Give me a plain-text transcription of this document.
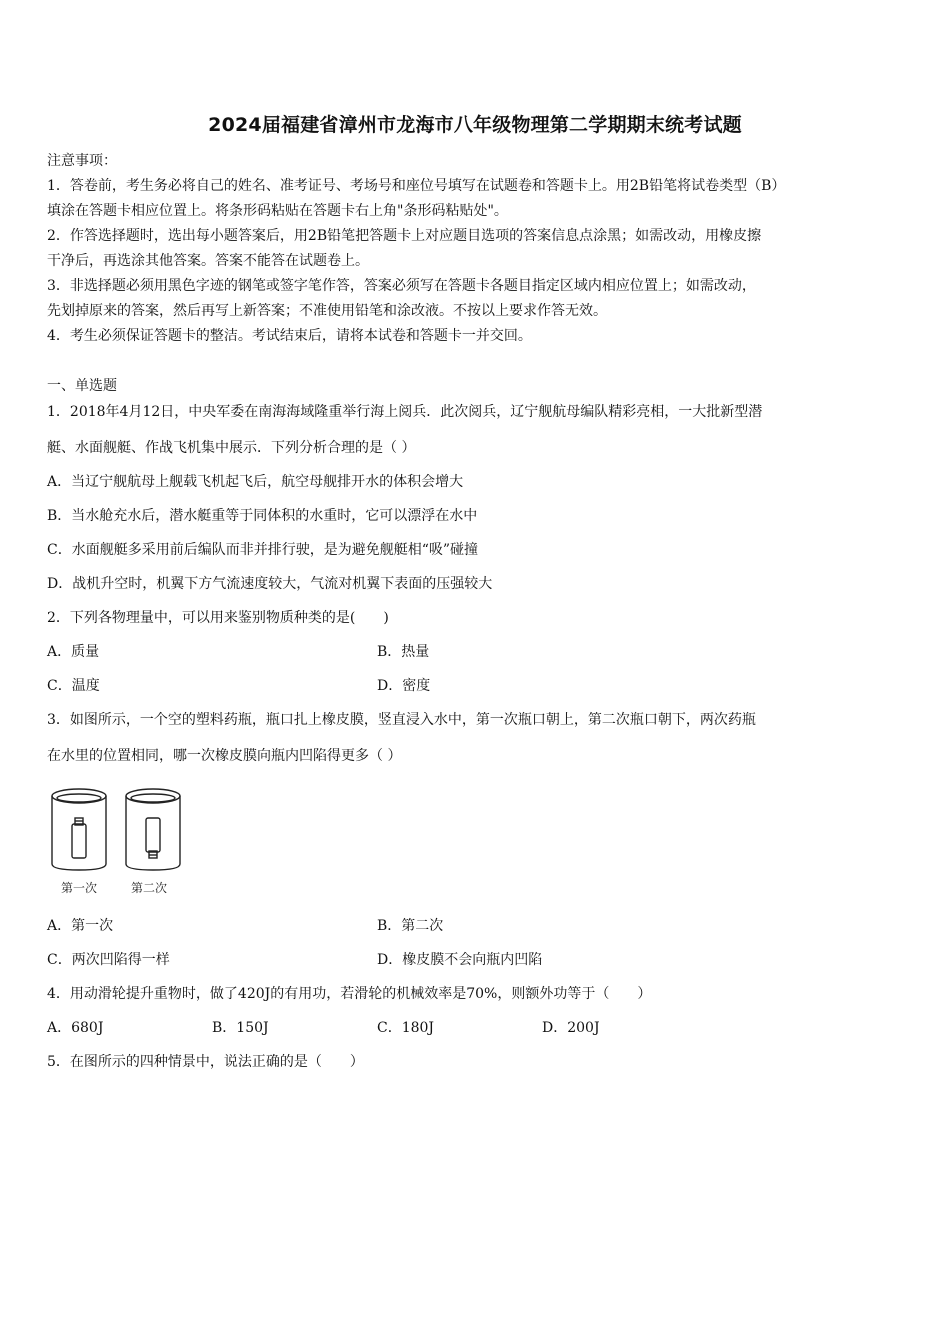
2024届福建省漳州市龙海市八年级物理第二学期期末统考试题
注意事项：
1．答卷前，考生务必将自己的姓名、准考证号、考场号和座位号填写在试题卷和答题卡上。用2B铅笔将试卷类型（B）
填涂在答题卡相应位置上。将条形码粘贴在答题卡右上角"条形码粘贴处"。
2．作答选择题时，选出每小题答案后，用2B铅笔把答题卡上对应题目选项的答案信息点涂黑；如需改动，用橡皮擦
干净后，再选涂其他答案。答案不能答在试题卷上。
3．非选择题必须用黑色字迹的钢笔或签字笔作答，答案必须写在答题卡各题目指定区域内相应位置上；如需改动，
先划掉原来的答案，然后再写上新答案；不准使用铅笔和涂改液。不按以上要求作答无效。
4．考生必须保证答题卡的整洁。考试结束后，请将本试卷和答题卡一并交回。
一、单选题
1．2018年4月12日，中央军委在南海海域隆重举行海上阅兵．此次阅兵，辽宁舰航母编队精彩亮相，一大批新型潜
艇、水面舰艇、作战飞机集中展示．下列分析合理的是（ ）
A．当辽宁舰航母上舰载飞机起飞后，航空母舰排开水的体积会增大
B．当水舱充水后，潜水艇重等于同体积的水重时，它可以漂浮在水中
C．水面舰艇多采用前后编队而非并排行驶，是为避免舰艇相“吸”碰撞
D．战机升空时，机翼下方气流速度较大，气流对机翼下表面的压强较大
2．下列各物理量中，可以用来鉴别物质种类的是(　　)
A．质量	B．热量
C．温度	D．密度
3．如图所示，一个空的塑料药瓶，瓶口扎上橡皮膜，竖直浸入水中，第一次瓶口朝上，第二次瓶口朝下，两次药瓶
在水里的位置相同，哪一次橡皮膜向瓶内凹陷得更多（ ）
第一次	第二次
A．第一次	B．第二次
C．两次凹陷得一样	D．橡皮膜不会向瓶内凹陷
4．用动滑轮提升重物时，做了420J的有用功，若滑轮的机械效率是70%，则额外功等于（　　）
A．680J	B．150J	C．180J	D．200J
5．在图所示的四种情景中，说法正确的是（　　）
